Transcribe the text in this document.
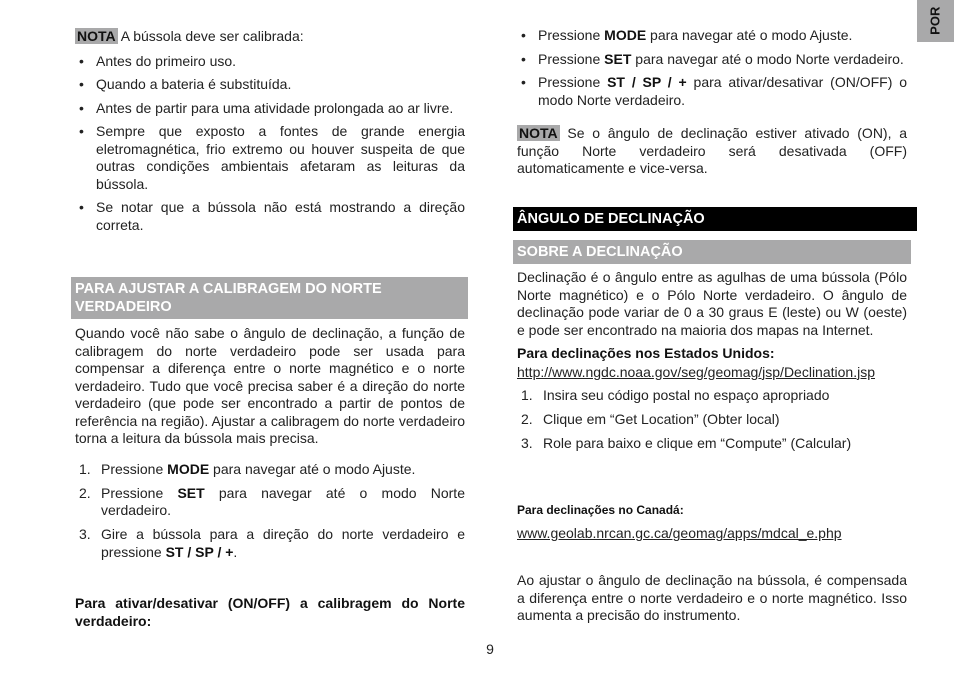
POR

NOTA A bússola deve ser calibrada:

• Antes do primeiro uso.
• Quando a bateria é substituída.
• Antes de partir para uma atividade prolongada ao ar livre.
• Sempre que exposto a fontes de grande energia eletromagnética, frio extremo ou houver suspeita de que outras condições ambientais afetaram as leituras da bússola.
• Se notar que a bússola não está mostrando a direção correta.
PARA AJUSTAR A CALIBRAGEM DO NORTE VERDADEIRO

Quando você não sabe o ângulo de declinação, a função de calibragem do norte verdadeiro pode ser usada para compensar a diferença entre o norte magnético e o norte verdadeiro. Tudo que você precisa saber é a direção do norte verdadeiro (que pode ser encontrado a partir de pontos de referência na região). Ajustar a calibragem do norte verdadeiro torna a leitura da bússola mais precisa.

1. Pressione MODE para navegar até o modo Ajuste.
2. Pressione SET para navegar até o modo Norte verdadeiro.
3. Gire a bússola para a direção do norte verdadeiro e pressione ST / SP / +.

Para ativar/desativar (ON/OFF) a calibragem do Norte verdadeiro:

• Pressione MODE para navegar até o modo Ajuste.
• Pressione SET para navegar até o modo Norte verdadeiro.
• Pressione ST / SP / + para ativar/desativar (ON/OFF) o modo Norte verdadeiro.

NOTA Se o ângulo de declinação estiver ativado (ON), a função Norte verdadeiro será desativada (OFF) automaticamente e vice-versa.

ÂNGULO DE DECLINAÇÃO
SOBRE A DECLINAÇÃO

Declinação é o ângulo entre as agulhas de uma bússola (Pólo Norte magnético) e o Pólo Norte verdadeiro. O ângulo de declinação pode variar de 0 a 30 graus E (leste) ou W (oeste) e pode ser encontrado na maioria dos mapas na Internet.

Para declinações nos Estados Unidos:

http://www.ngdc.noaa.gov/seg/geomag/jsp/Declination.jsp

1. Insira seu código postal no espaço apropriado
2. Clique em “Get Location” (Obter local)
3. Role para baixo e clique em “Compute” (Calcular)

Para declinações no Canadá:

www.geolab.nrcan.gc.ca/geomag/apps/mdcal_e.php

Ao ajustar o ângulo de declinação na bússola, é compensada a diferença entre o norte verdadeiro e o norte magnético. Isso aumenta a precisão do instrumento.

9
